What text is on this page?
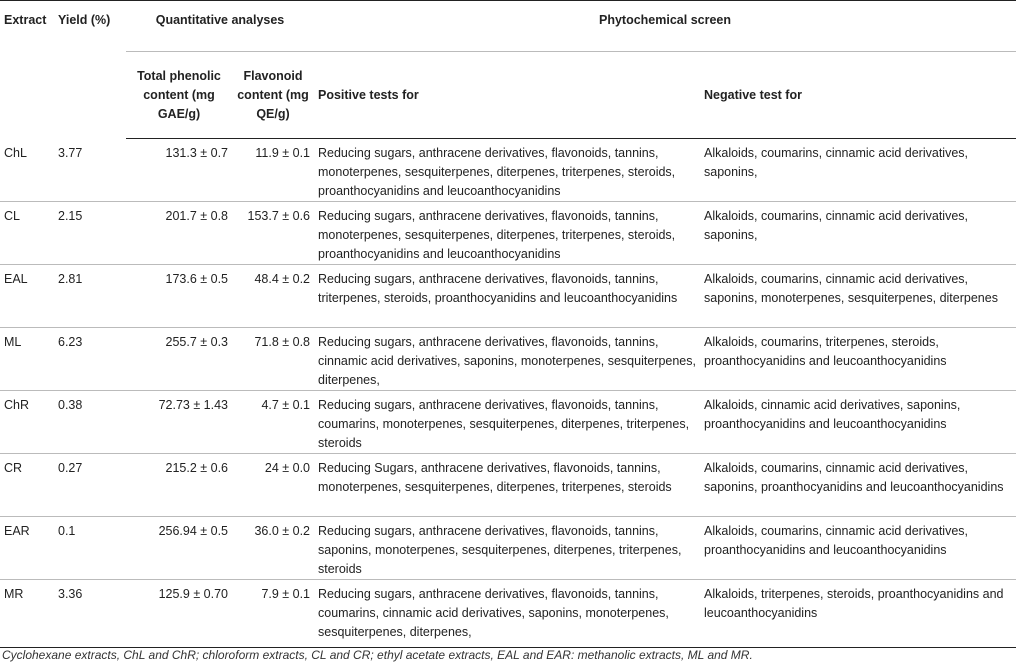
Extract	Yield (%)	Quantitative analyses		Phytochemical screen	
		Total phenolic content (mg GAE/g)	Flavonoid content (mg QE/g)	Positive tests for	Negative test for
ChL	3.77	131.3 ± 0.7	11.9 ± 0.1	Reducing sugars, anthracene derivatives, flavonoids, tannins, monoterpenes, sesquiterpenes, diterpenes, triterpenes, steroids, proanthocyanidins and leucoanthocyanidins	Alkaloids, coumarins, cinnamic acid derivatives, saponins,
CL	2.15	201.7 ± 0.8	153.7 ± 0.6	Reducing sugars, anthracene derivatives, flavonoids, tannins, monoterpenes, sesquiterpenes, diterpenes, triterpenes, steroids, proanthocyanidins and leucoanthocyanidins	Alkaloids, coumarins, cinnamic acid derivatives, saponins,
EAL	2.81	173.6 ± 0.5	48.4 ± 0.2	Reducing sugars, anthracene derivatives, flavonoids, tannins, triterpenes, steroids, proanthocyanidins and leucoanthocyanidins	Alkaloids, coumarins, cinnamic acid derivatives, saponins, monoterpenes, sesquiterpenes, diterpenes
ML	6.23	255.7 ± 0.3	71.8 ± 0.8	Reducing sugars, anthracene derivatives, flavonoids, tannins, cinnamic acid derivatives, saponins, monoterpenes, sesquiterpenes, diterpenes,	Alkaloids, coumarins, triterpenes, steroids, proanthocyanidins and leucoanthocyanidins
ChR	0.38	72.73 ± 1.43	4.7 ± 0.1	Reducing sugars, anthracene derivatives, flavonoids, tannins, coumarins, monoterpenes, sesquiterpenes, diterpenes, triterpenes, steroids	Alkaloids, cinnamic acid derivatives, saponins, proanthocyanidins and leucoanthocyanidins
CR	0.27	215.2 ± 0.6	24 ± 0.0	Reducing Sugars, anthracene derivatives, flavonoids, tannins, monoterpenes, sesquiterpenes, diterpenes, triterpenes, steroids	Alkaloids, coumarins, cinnamic acid derivatives, saponins, proanthocyanidins and leucoanthocyanidins
EAR	0.1	256.94 ± 0.5	36.0 ± 0.2	Reducing sugars, anthracene derivatives, flavonoids, tannins, saponins, monoterpenes, sesquiterpenes, diterpenes, triterpenes, steroids	Alkaloids, coumarins, cinnamic acid derivatives, proanthocyanidins and leucoanthocyanidins
MR	3.36	125.9 ± 0.70	7.9 ± 0.1	Reducing sugars, anthracene derivatives, flavonoids, tannins, coumarins, cinnamic acid derivatives, saponins, monoterpenes, sesquiterpenes, diterpenes,	Alkaloids, triterpenes, steroids, proanthocyanidins and leucoanthocyanidins
Cyclohexane extracts, ChL and ChR; chloroform extracts, CL and CR; ethyl acetate extracts, EAL and EAR: methanolic extracts, ML and MR.
